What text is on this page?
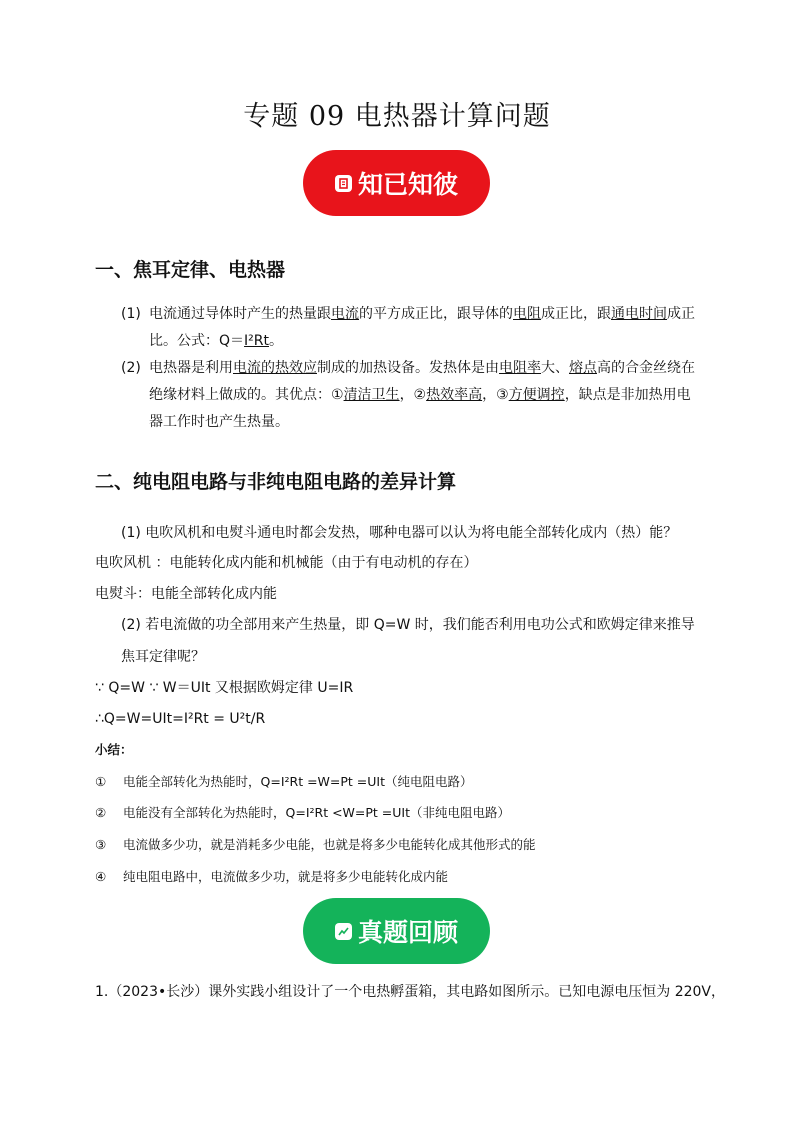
专题 09 电热器计算问题
知已知彼
一、焦耳定律、电热器
(1) 电流通过导体时产生的热量跟电流的平方成正比，跟导体的电阻成正比，跟通电时间成正
比。公式：Q＝I²Rt。
(2) 电热器是利用电流的热效应制成的加热设备。发热体是由电阻率大、熔点高的合金丝绕在
绝缘材料上做成的。其优点：①清洁卫生，②热效率高，③方便调控，缺点是非加热用电
器工作时也产生热量。
二、纯电阻电路与非纯电阻电路的差异计算
(1) 电吹风机和电熨斗通电时都会发热，哪种电器可以认为将电能全部转化成内（热）能？
电吹风机 ：电能转化成内能和机械能（由于有电动机的存在）
电熨斗：电能全部转化成内能
(2) 若电流做的功全部用来产生热量，即 Q=W 时，我们能否利用电功公式和欧姆定律来推导
焦耳定律呢？
∵ Q=W ∵ W＝UIt 又根据欧姆定律 U=IR
∴Q=W=UIt=I²Rt = U²t/R
小结：
① 电能全部转化为热能时，Q=I²Rt =W=Pt =UIt（纯电阻电路）
② 电能没有全部转化为热能时，Q=I²Rt <W=Pt =UIt（非纯电阻电路）
③ 电流做多少功，就是消耗多少电能，也就是将多少电能转化成其他形式的能
④ 纯电阻电路中，电流做多少功，就是将多少电能转化成内能
真题回顾
1.（2023•长沙）课外实践小组设计了一个电热孵蛋箱，其电路如图所示。已知电源电压恒为 220V，
